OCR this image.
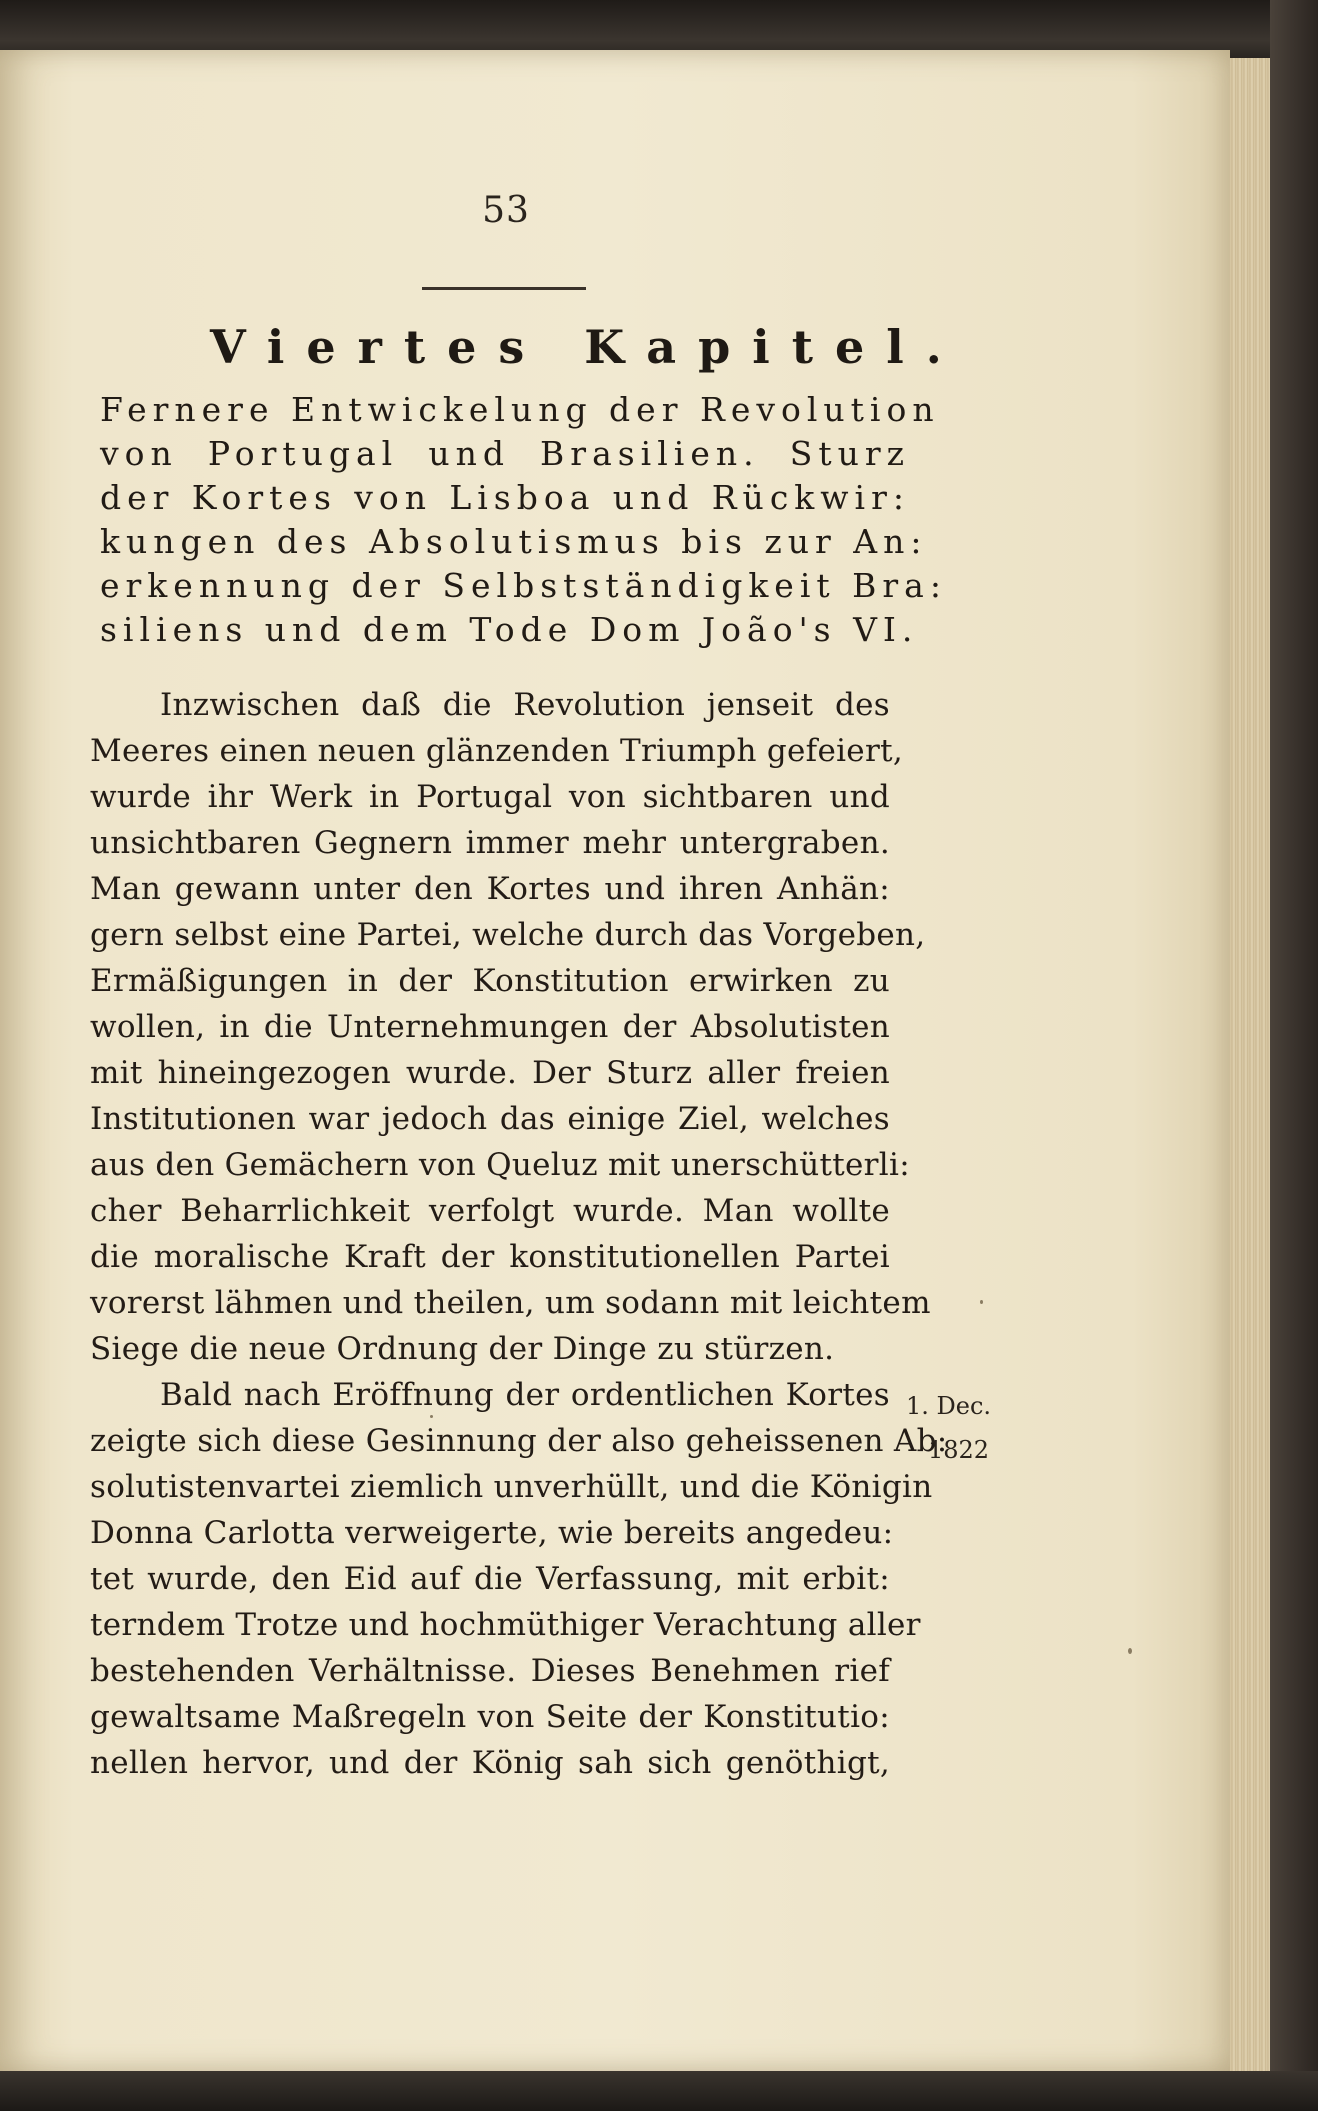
53
Viertes Kapitel.
Fernere Entwickelung der Revolution
von Portugal und Brasilien. Sturz
der Kortes von Lisboa und Rückwir:
kungen des Absolutismus bis zur An:
erkennung der Selbstständigkeit Bra:
siliens und dem Tode Dom João's VI.
Inzwischen daß die Revolution jenseit des
Meeres einen neuen glänzenden Triumph gefeiert,
wurde ihr Werk in Portugal von sichtbaren und
unsichtbaren Gegnern immer mehr untergraben.
Man gewann unter den Kortes und ihren Anhän:
gern selbst eine Partei, welche durch das Vorgeben,
Ermäßigungen in der Konstitution erwirken zu
wollen, in die Unternehmungen der Absolutisten
mit hineingezogen wurde. Der Sturz aller freien
Institutionen war jedoch das einige Ziel, welches
aus den Gemächern von Queluz mit unerschütterli:
cher Beharrlichkeit verfolgt wurde. Man wollte
die moralische Kraft der konstitutionellen Partei
vorerst lähmen und theilen, um sodann mit leichtem
Siege die neue Ordnung der Dinge zu stürzen.
Bald nach Eröffnung der ordentlichen Kortes
zeigte sich diese Gesinnung der also geheissenen Ab:
solutistenvartei ziemlich unverhüllt, und die Königin
Donna Carlotta verweigerte, wie bereits angedeu:
tet wurde, den Eid auf die Verfassung, mit erbit:
terndem Trotze und hochmüthiger Verachtung aller
bestehenden Verhältnisse. Dieses Benehmen rief
gewaltsame Maßregeln von Seite der Konstitutio:
nellen hervor, und der König sah sich genöthigt,
1. Dec.
1822
